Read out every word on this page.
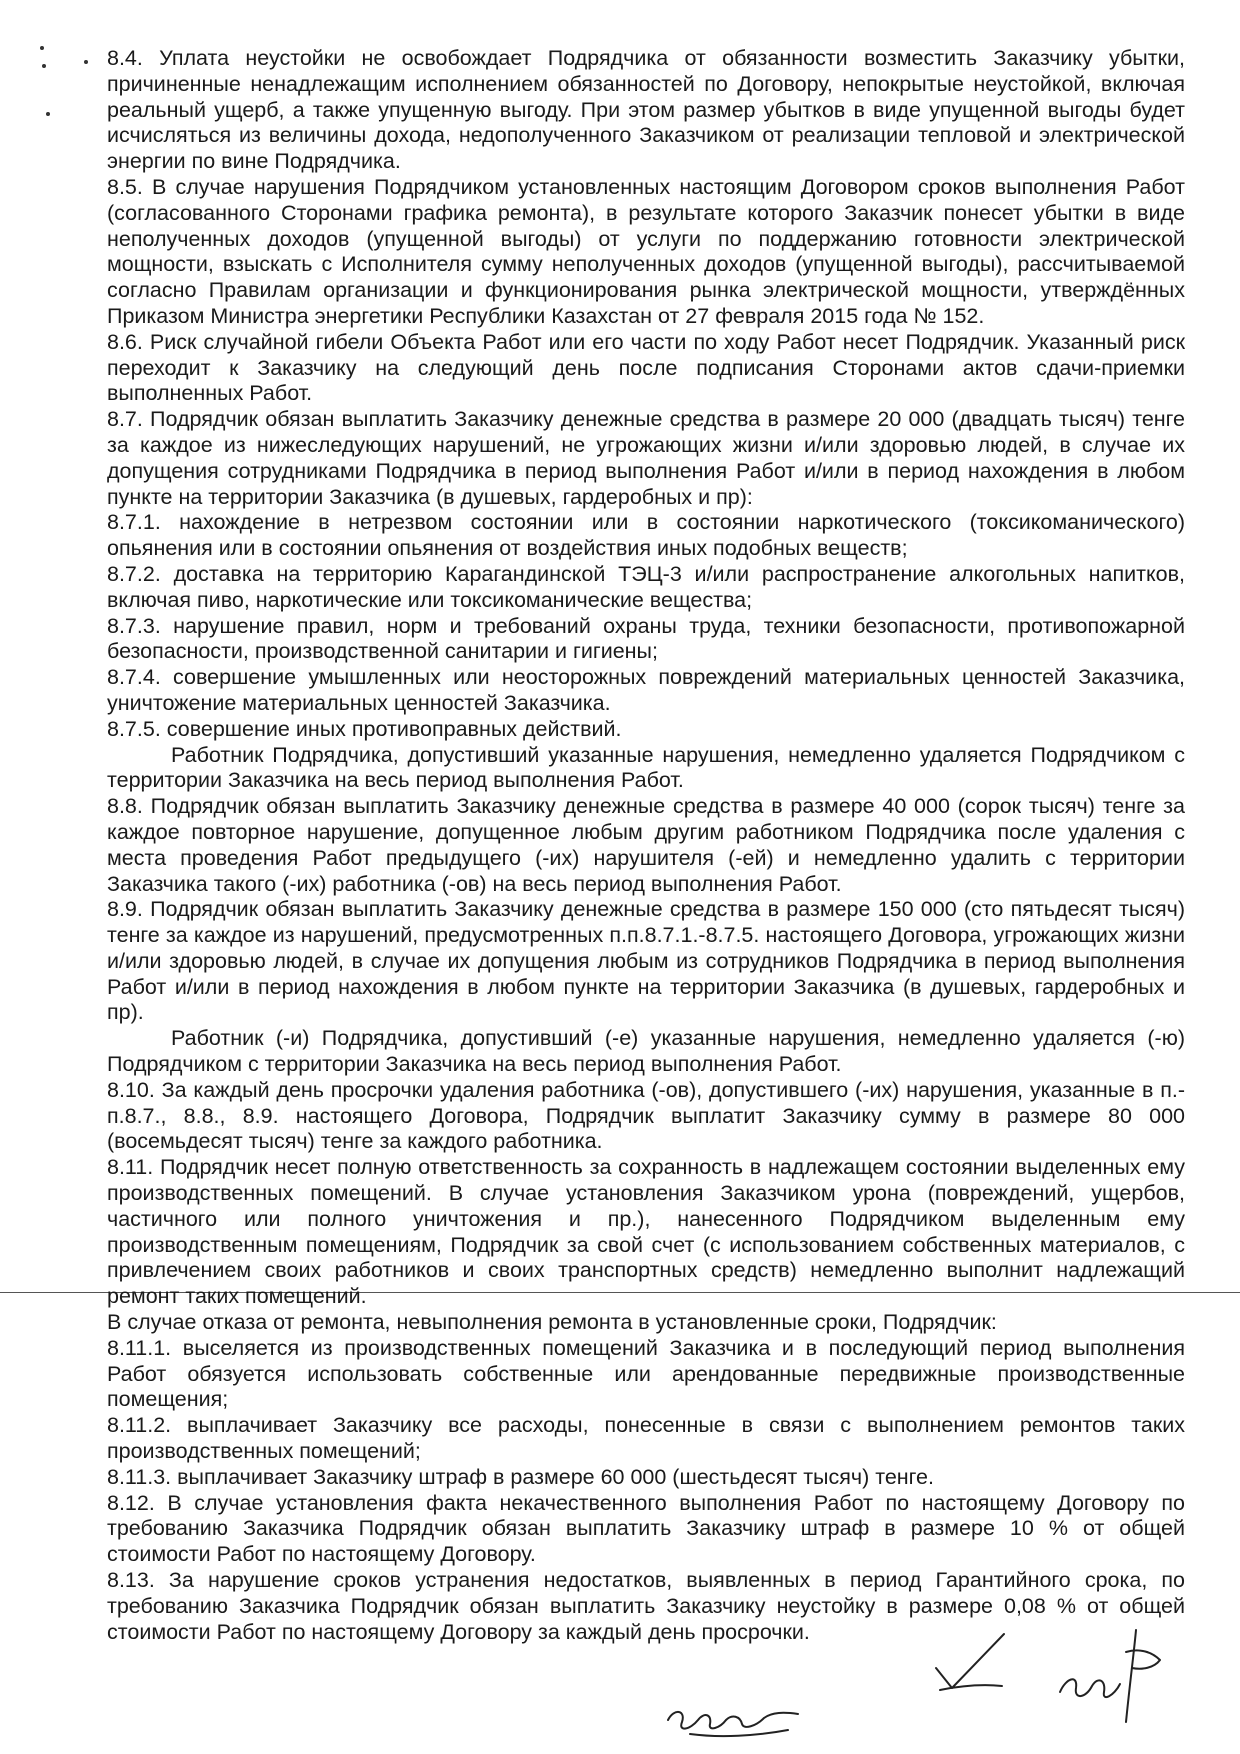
8.4. Уплата неустойки не освобождает Подрядчика от обязанности возместить Заказчику убытки, причиненные ненадлежащим исполнением обязанностей по Договору, непокрытые неустойкой, включая реальный ущерб, а также упущенную выгоду. При этом размер убытков в виде упущенной выгоды будет исчисляться из величины дохода, недополученного Заказчиком от реализации тепловой и электрической энергии по вине Подрядчика.

8.5. В случае нарушения Подрядчиком установленных настоящим Договором сроков выполнения Работ (согласованного Сторонами графика ремонта), в результате которого Заказчик понесет убытки в виде неполученных доходов (упущенной выгоды) от услуги по поддержанию готовности электрической мощности, взыскать с Исполнителя сумму неполученных доходов (упущенной выгоды), рассчитываемой согласно Правилам организации и функционирования рынка электрической мощности, утверждённых Приказом Министра энергетики Республики Казахстан от 27 февраля 2015 года № 152.

8.6. Риск случайной гибели Объекта Работ или его части по ходу Работ несет Подрядчик. Указанный риск переходит к Заказчику на следующий день после подписания Сторонами актов сдачи-приемки выполненных Работ.

8.7. Подрядчик обязан выплатить Заказчику денежные средства в размере 20 000 (двадцать тысяч) тенге за каждое из нижеследующих нарушений, не угрожающих жизни и/или здоровью людей, в случае их допущения сотрудниками Подрядчика в период выполнения Работ и/или в период нахождения в любом пункте на территории Заказчика (в душевых, гардеробных и пр):

8.7.1. нахождение в нетрезвом состоянии или в состоянии наркотического (токсикоманического) опьянения или в состоянии опьянения от воздействия иных подобных веществ;

8.7.2. доставка на территорию Карагандинской ТЭЦ-3 и/или распространение алкогольных напитков, включая пиво, наркотические или токсикоманические вещества;

8.7.3. нарушение правил, норм и требований охраны труда, техники безопасности, противопожарной безопасности, производственной санитарии и гигиены;

8.7.4. совершение умышленных или неосторожных повреждений материальных ценностей Заказчика, уничтожение материальных ценностей Заказчика.

8.7.5. совершение иных противоправных действий.

Работник Подрядчика, допустивший указанные нарушения, немедленно удаляется Подрядчиком с территории Заказчика на весь период выполнения Работ.

8.8. Подрядчик обязан выплатить Заказчику денежные средства в размере 40 000 (сорок тысяч) тенге за каждое повторное нарушение, допущенное любым другим работником Подрядчика после удаления с места проведения Работ предыдущего (-их) нарушителя (-ей) и немедленно удалить с территории Заказчика такого (-их) работника (-ов) на весь период выполнения Работ.

8.9. Подрядчик обязан выплатить Заказчику денежные средства в размере 150 000 (сто пятьдесят тысяч) тенге за каждое из нарушений, предусмотренных п.п.8.7.1.-8.7.5. настоящего Договора, угрожающих жизни и/или здоровью людей, в случае их допущения любым из сотрудников Подрядчика в период выполнения Работ и/или в период нахождения в любом пункте на территории Заказчика (в душевых, гардеробных и пр).

Работник (-и) Подрядчика, допустивший (-е) указанные нарушения, немедленно удаляется (-ю) Подрядчиком с территории Заказчика на весь период выполнения Работ.

8.10. За каждый день просрочки удаления работника (-ов), допустившего (-их) нарушения, указанные в п.-п.8.7., 8.8., 8.9. настоящего Договора, Подрядчик выплатит Заказчику сумму в размере 80 000 (восемьдесят тысяч) тенге за каждого работника.

8.11. Подрядчик несет полную ответственность за сохранность в надлежащем состоянии выделенных ему производственных помещений. В случае установления Заказчиком урона (повреждений, ущербов, частичного или полного уничтожения и пр.), нанесенного Подрядчиком выделенным ему производственным помещениям, Подрядчик за свой счет (с использованием собственных материалов, с привлечением своих работников и своих транспортных средств) немедленно выполнит надлежащий ремонт таких помещений.

В случае отказа от ремонта, невыполнения ремонта в установленные сроки, Подрядчик:

8.11.1. выселяется из производственных помещений Заказчика и в последующий период выполнения Работ обязуется использовать собственные или арендованные передвижные производственные помещения;

8.11.2. выплачивает Заказчику все расходы, понесенные в связи с выполнением ремонтов таких производственных помещений;

8.11.3. выплачивает Заказчику штраф в размере 60 000 (шестьдесят тысяч) тенге.

8.12. В случае установления факта некачественного выполнения Работ по настоящему Договору по требованию Заказчика Подрядчик обязан выплатить Заказчику штраф в размере 10 % от общей стоимости Работ по настоящему Договору.

8.13. За нарушение сроков устранения недостатков, выявленных в период Гарантийного срока, по требованию Заказчика Подрядчик обязан выплатить Заказчику неустойку в размере 0,08 % от общей стоимости Работ по настоящему Договору за каждый день просрочки.
